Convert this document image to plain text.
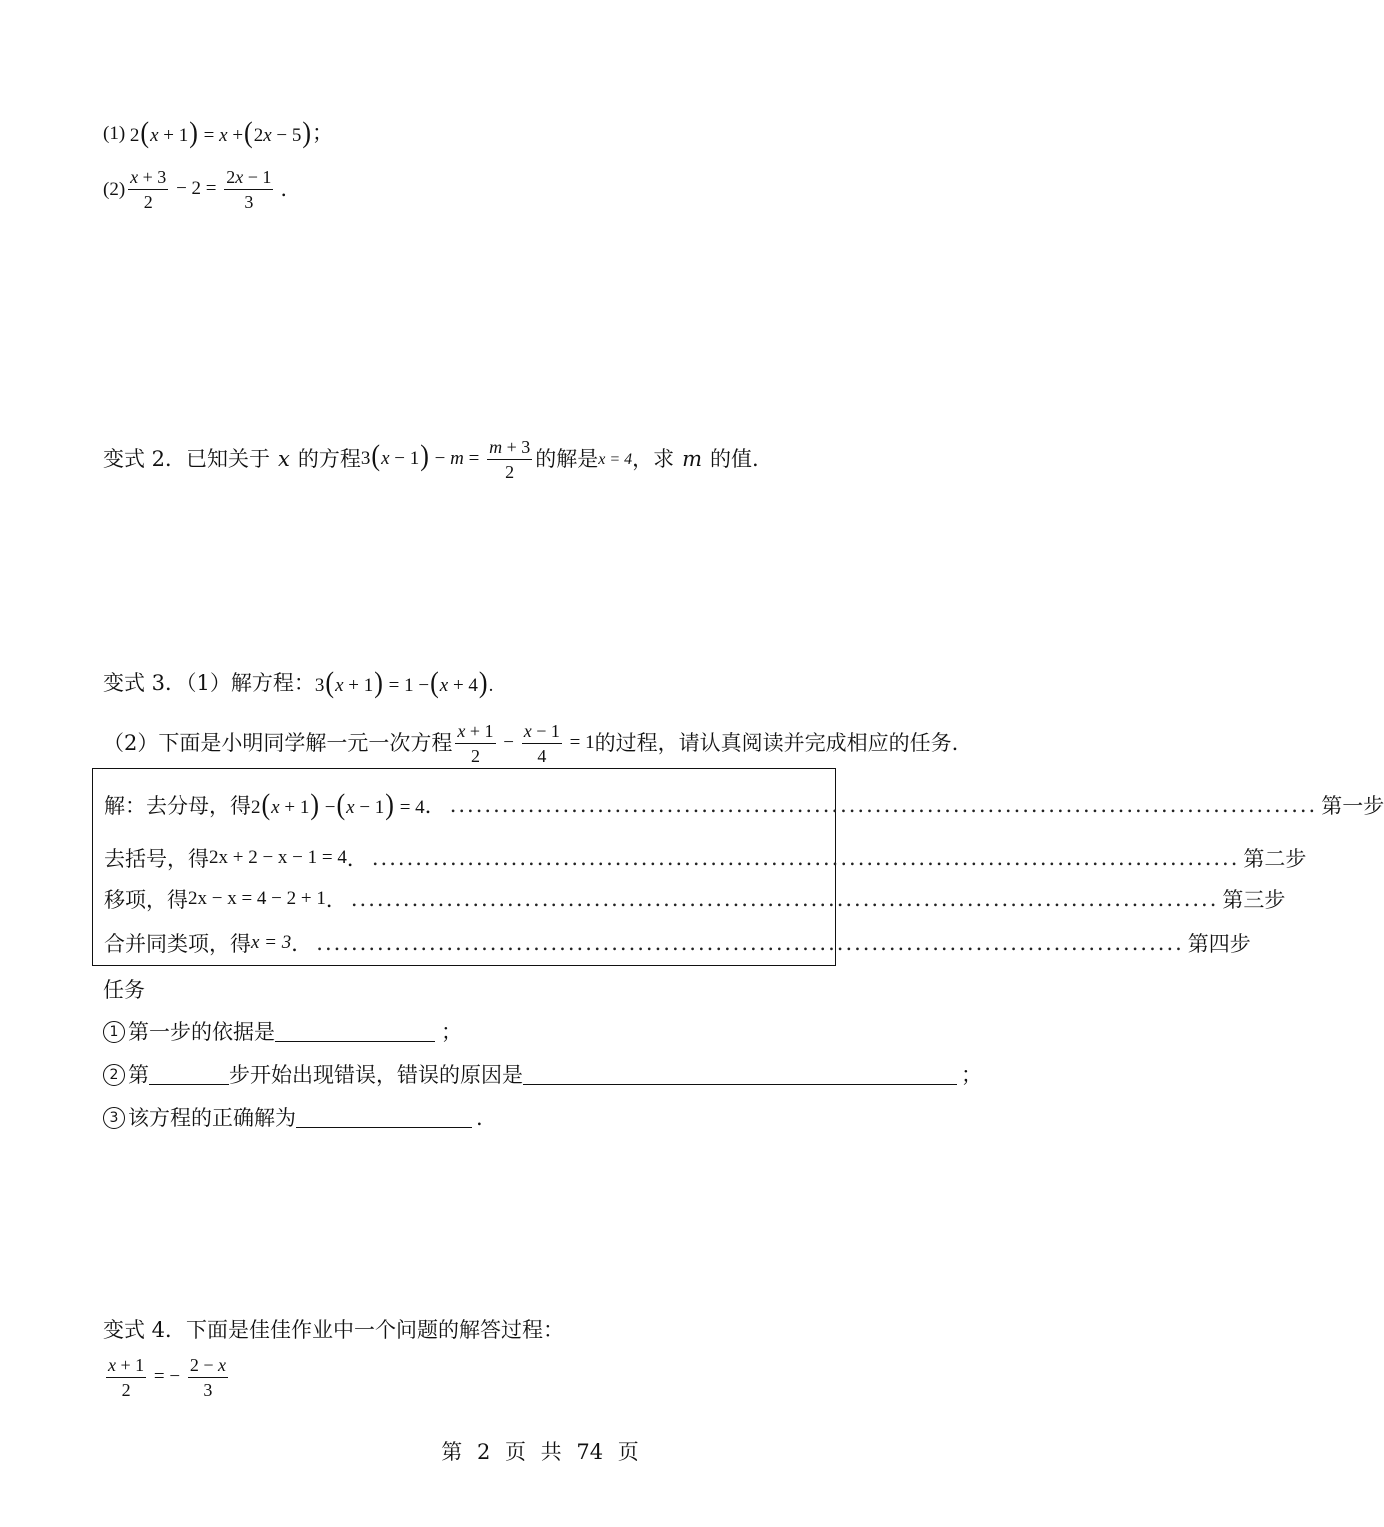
(1) 2(x + 1) = x +(2x − 5) ；
$(2) \frac{x + 3}{2} - 2 = \frac{2x - 1}{3}$ .
变式 2．已知关于 x 的方程 $3(x - 1) - m = \frac{m + 3}{2}$ 的解是 x = 4 ，求 m 的值.
变式 3．（1）解方程： 3(x + 1) = 1 −(x + 4).
（2）下面是小明同学解一元一次方程 $\frac{x + 1}{2} - \frac{x - 1}{4} = 1$ 的过程，请认真阅读并完成相应的任务.
解：去分母，得 2(x + 1) −(x − 1) = 4 ． .................................................................................................... 第一步
去括号，得 2x + 2 − x − 1 = 4 ． .................................................................................................... 第二步
移项，得 2x − x = 4 − 2 + 1 ． .................................................................................................... 第三步
合并同类项，得 x = 3 ． .................................................................................................... 第四步
任务
1 第一步的依据是	；
2 第	步开始出现错误，错误的原因是	；
3 该方程的正确解为	.
变式 4．下面是佳佳作业中一个问题的解答过程：
$\frac{x + 1}{2}$ = − $\frac{2 - x}{3}$
第 2 页 共 74 页
